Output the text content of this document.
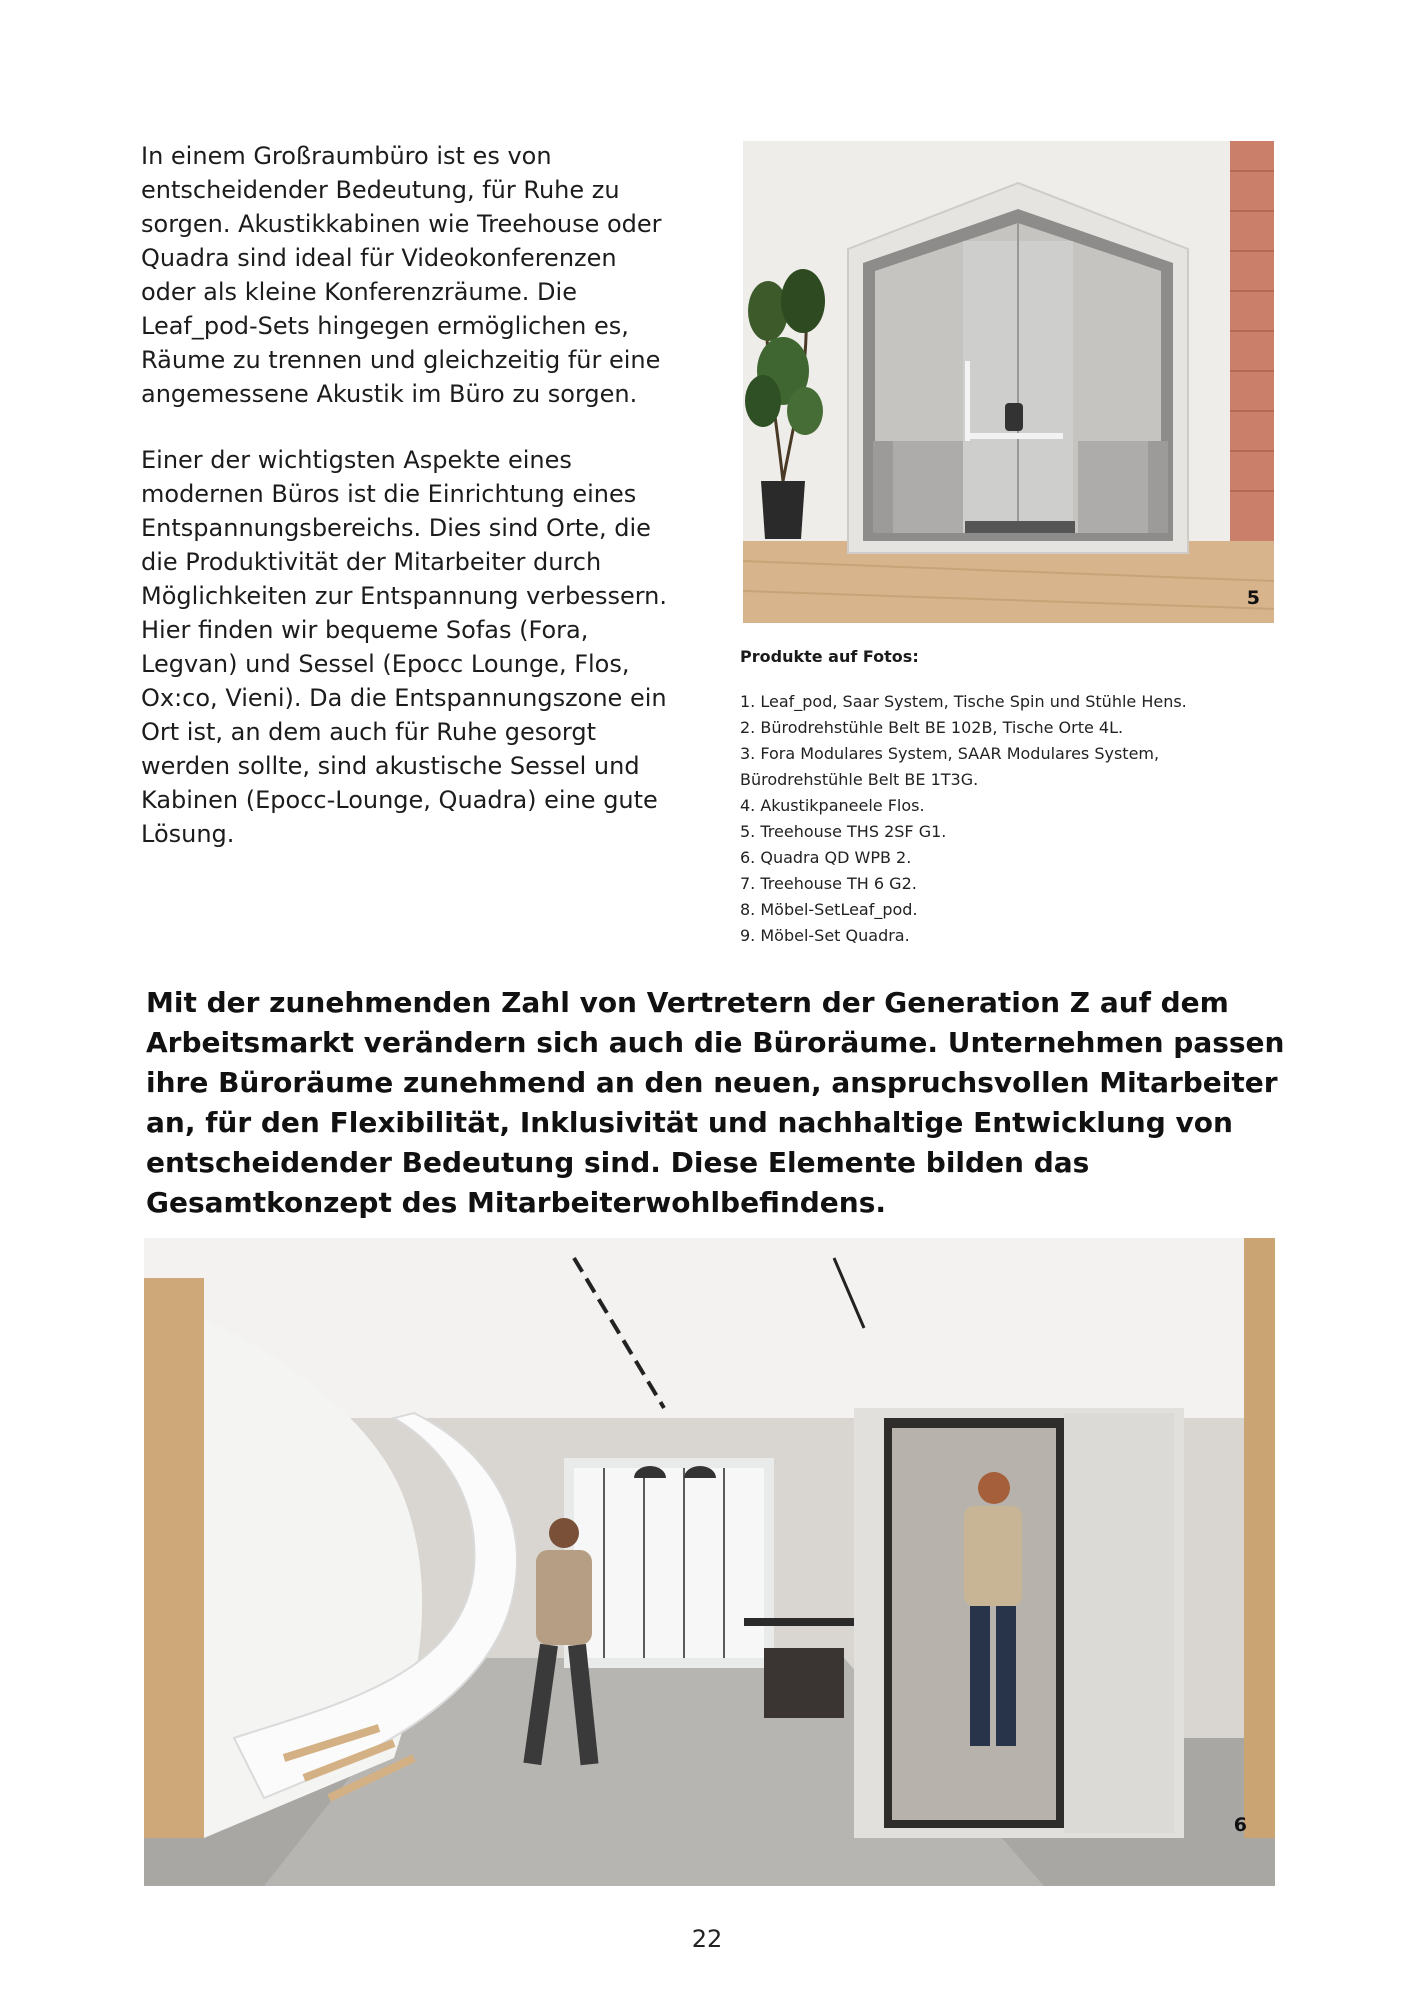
In einem Großraumbüro ist es von entscheidender Bedeutung, für Ruhe zu sorgen. Akustikkabinen wie Treehouse oder Quadra sind ideal für Videokonferenzen oder als kleine Konferenzräume. Die Leaf_pod-Sets hingegen ermöglichen es, Räume zu trennen und gleichzeitig für eine angemessene Akustik im Büro zu sorgen.

Einer der wichtigsten Aspekte eines modernen Büros ist die Einrichtung eines Entspannungsbereichs. Dies sind Orte, die die Produktivität der Mitarbeiter durch Möglichkeiten zur Entspannung verbessern. Hier finden wir bequeme Sofas (Fora, Legvan) und Sessel (Epocc Lounge, Flos, Ox:co, Vieni). Da die Entspannungszone ein Ort ist, an dem auch für Ruhe gesorgt werden sollte, sind akustische Sessel und Kabinen (Epocc-Lounge, Quadra) eine gute Lösung.

5

Produkte auf Fotos:

1. Leaf_pod, Saar System, Tische Spin und Stühle Hens.
2. Bürodrehstühle Belt BE 102B, Tische Orte 4L.
3. Fora Modulares System, SAAR Modulares System,
Bürodrehstühle Belt BE 1T3G.
4. Akustikpaneele Flos.
5. Treehouse THS 2SF G1.
6. Quadra QD WPB 2.
7. Treehouse TH 6 G2.
8. Möbel-SetLeaf_pod.
9. Möbel-Set Quadra.

Mit der zunehmenden Zahl von Vertretern der Generation Z auf dem Arbeitsmarkt verändern sich auch die Büroräume. Unternehmen passen ihre Büroräume zunehmend an den neuen, anspruchsvollen Mitarbeiter an, für den Flexibilität, Inklusivität und nachhaltige Entwicklung von entscheidender Bedeutung sind. Diese Elemente bilden das Gesamtkonzept des Mitarbeiterwohlbefindens.

6
22
